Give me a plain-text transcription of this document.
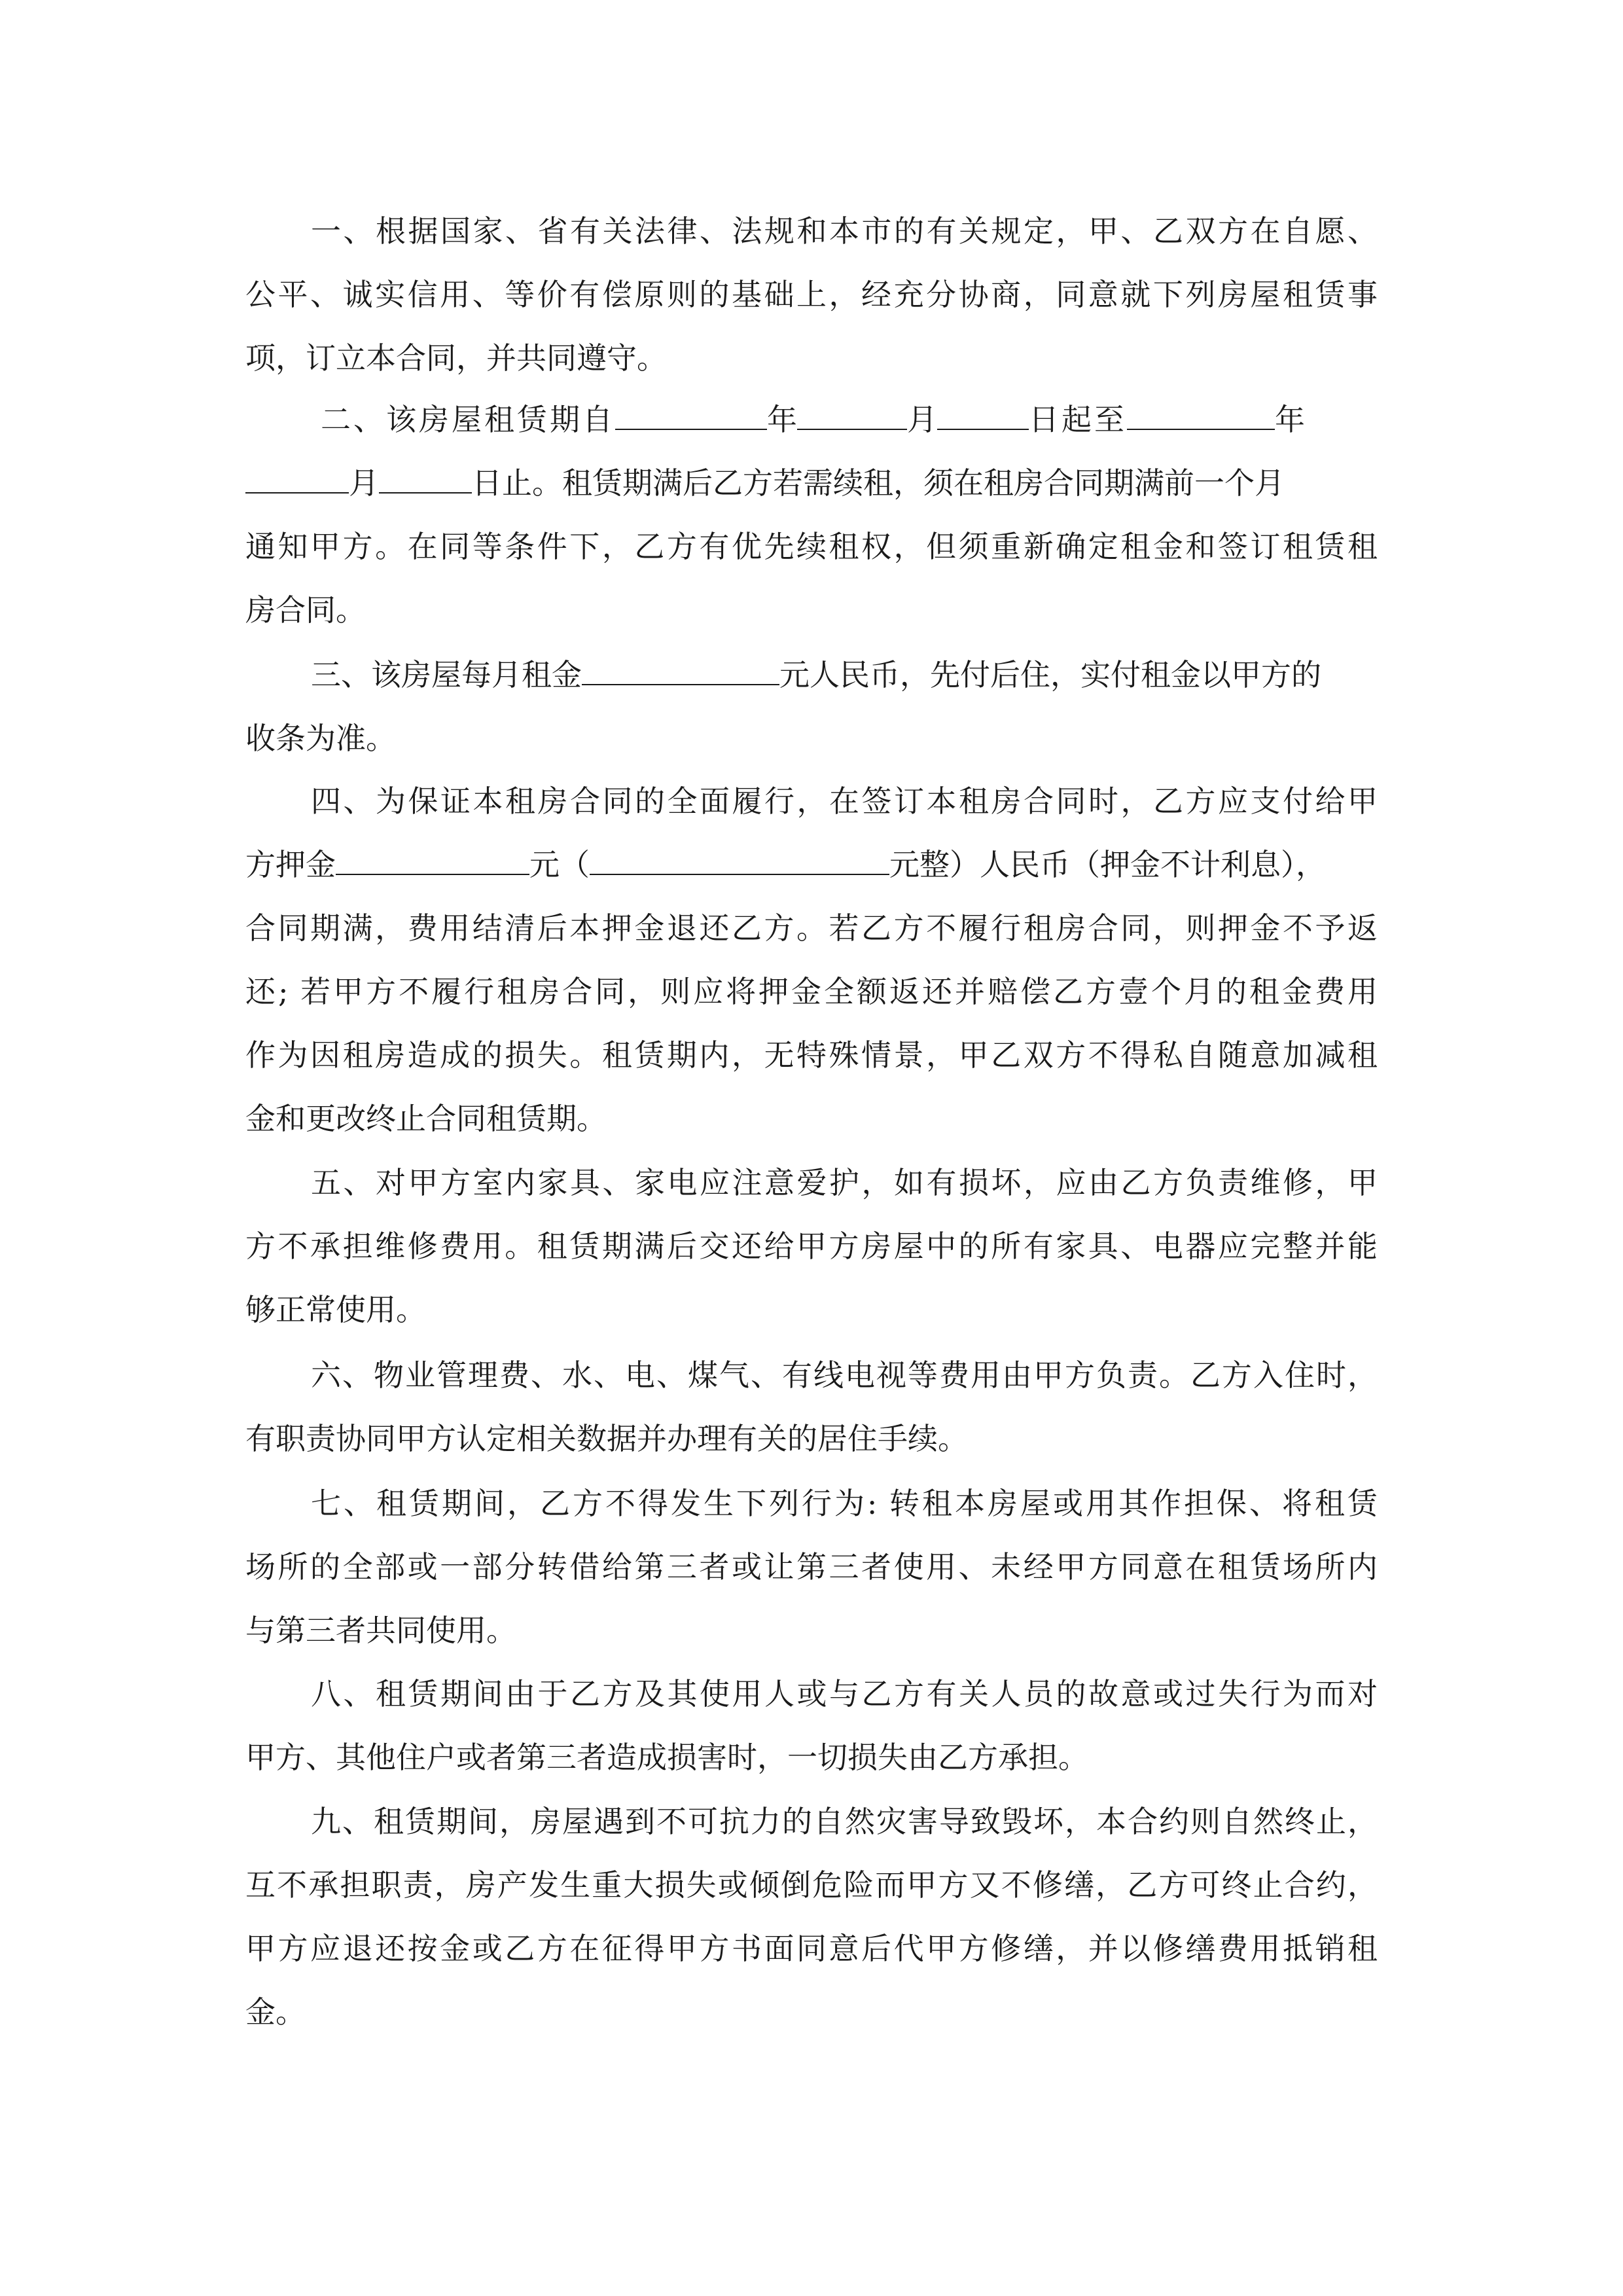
一、根据国家、省有关法律、法规和本市的有关规定，甲、乙双方在自愿、
公平、诚实信用、等价有偿原则的基础上，经充分协商，同意就下列房屋租赁事
项，订立本合同，并共同遵守。
二、该房屋租赁期自	年	月	日起至	年
月	日止。租赁期满后乙方若需续租，须在租房合同期满前一个月
通知甲方。在同等条件下，乙方有优先续租权，但须重新确定租金和签订租赁租
房合同。
三、该房屋每月租金	元人民币，先付后住，实付租金以甲方的
收条为准。
四、为保证本租房合同的全面履行，在签订本租房合同时，乙方应支付给甲
方押金	元（	元整）人民币（押金不计利息），
合同期满，费用结清后本押金退还乙方。若乙方不履行租房合同，则押金不予返
还; 若甲方不履行租房合同，则应将押金全额返还并赔偿乙方壹个月的租金费用
作为因租房造成的损失。租赁期内，无特殊情景，甲乙双方不得私自随意加减租
金和更改终止合同租赁期。
五、对甲方室内家具、家电应注意爱护，如有损坏，应由乙方负责维修，甲
方不承担维修费用。租赁期满后交还给甲方房屋中的所有家具、电器应完整并能
够正常使用。
六、物业管理费、水、电、煤气、有线电视等费用由甲方负责。乙方入住时，
有职责协同甲方认定相关数据并办理有关的居住手续。
七、租赁期间，乙方不得发生下列行为: 转租本房屋或用其作担保、将租赁
场所的全部或一部分转借给第三者或让第三者使用、未经甲方同意在租赁场所内
与第三者共同使用。
八、租赁期间由于乙方及其使用人或与乙方有关人员的故意或过失行为而对
甲方、其他住户或者第三者造成损害时，一切损失由乙方承担。
九、租赁期间，房屋遇到不可抗力的自然灾害导致毁坏，本合约则自然终止，
互不承担职责，房产发生重大损失或倾倒危险而甲方又不修缮，乙方可终止合约，
甲方应退还按金或乙方在征得甲方书面同意后代甲方修缮，并以修缮费用抵销租
金。
